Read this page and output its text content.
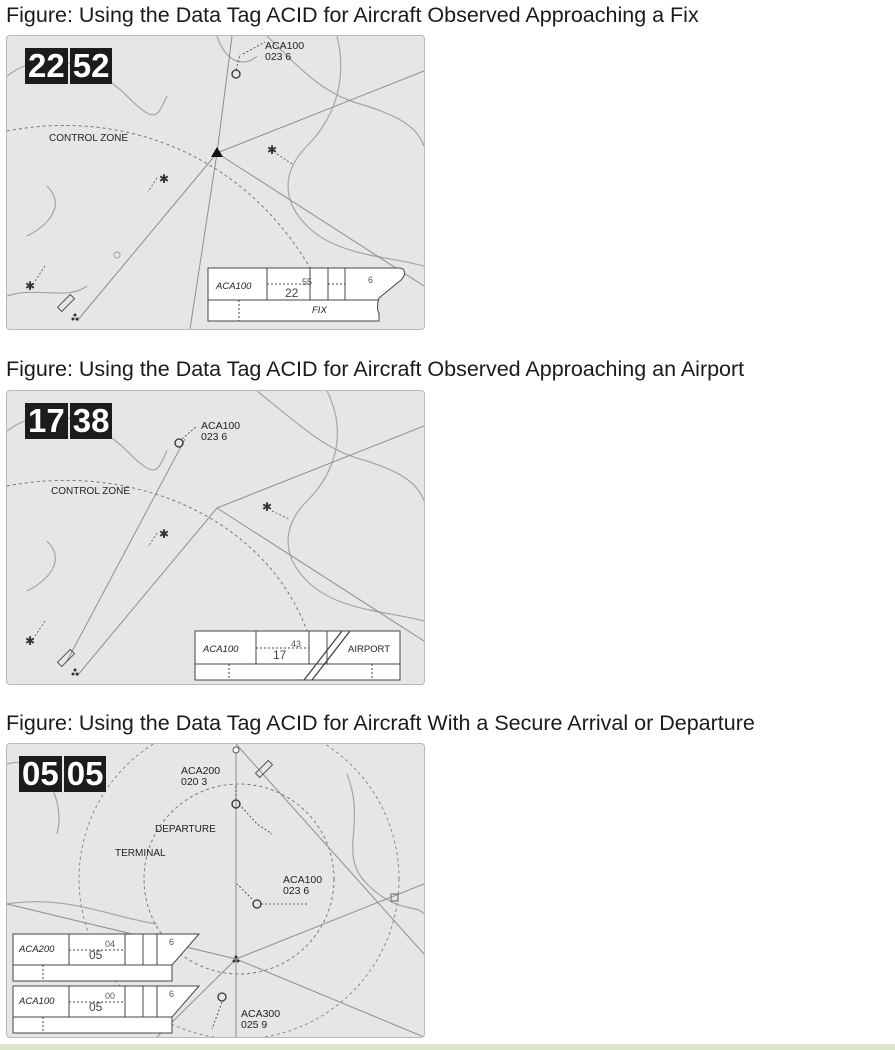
Figure: Using the Data Tag ACID for Aircraft Observed Approaching a Fix
✱
✱
✱
22 52
CONTROL ZONE
ACA100
023 6
ACA100	22
55	6
FIX
Figure: Using the Data Tag ACID for Aircraft Observed Approaching an Airport
✱
✱
✱
17 38
CONTROL ZONE
ACA100
023 6
ACA100	17
43	AIRPORT
Figure: Using the Data Tag ACID for Aircraft With a Secure Arrival or Departure
05 05
DEPARTURE
TERMINAL
ACA200
020 3
ACA100
023 6
ACA300
025 9
ACA200	05
04	6
ACA100	05
00	6
